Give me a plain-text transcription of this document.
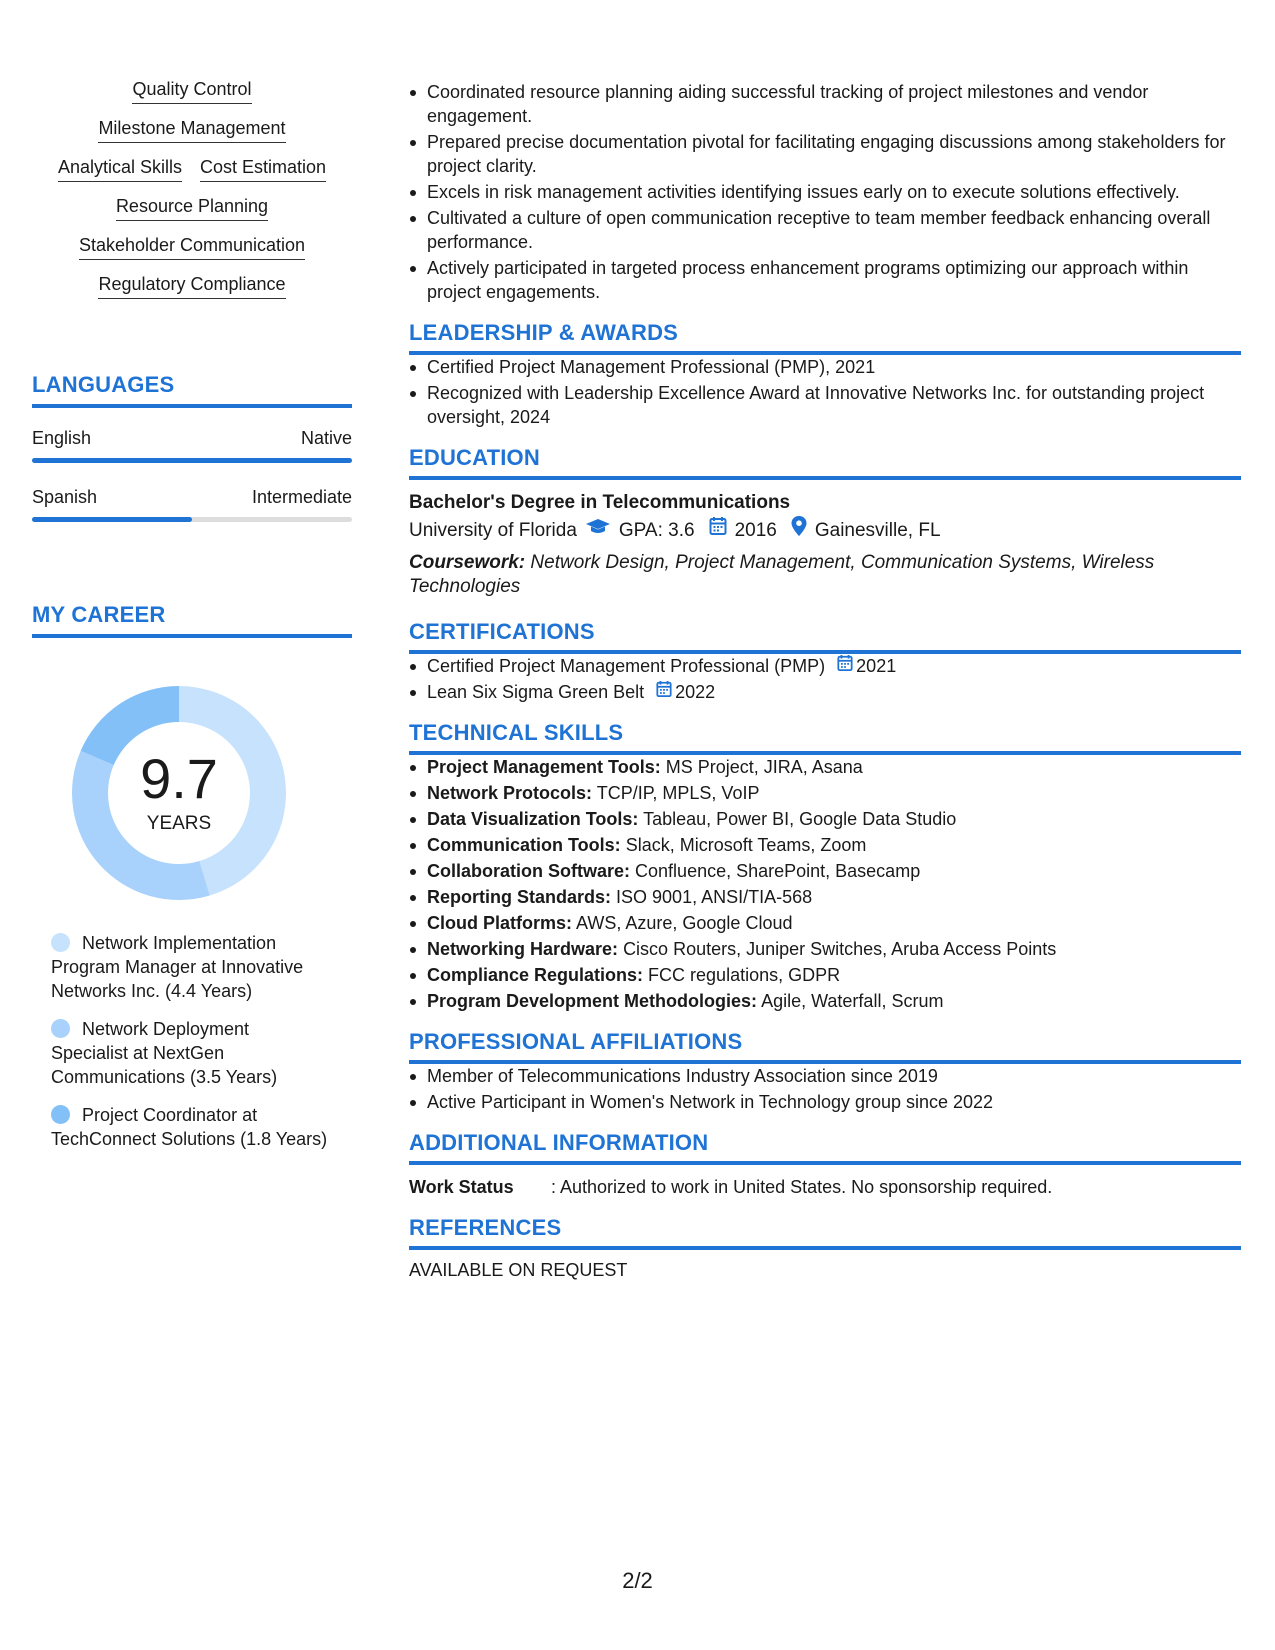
Quality Control
Milestone Management
Analytical Skills Cost Estimation
Resource Planning
Stakeholder Communication
Regulatory Compliance
LANGUAGES
English	Native
Spanish	Intermediate
MY CAREER
9.7
YEARS
Network Implementation Program Manager at Innovative Networks Inc. (4.4 Years)
Network Deployment Specialist at NextGen Communications (3.5 Years)
Project Coordinator at TechConnect Solutions (1.8 Years)
Coordinated resource planning aiding successful tracking of project milestones and vendor engagement.
Prepared precise documentation pivotal for facilitating engaging discussions among stakeholders for project clarity.
Excels in risk management activities identifying issues early on to execute solutions effectively.
Cultivated a culture of open communication receptive to team member feedback enhancing overall performance.
Actively participated in targeted process enhancement programs optimizing our approach within project engagements.
LEADERSHIP & AWARDS
Certified Project Management Professional (PMP), 2021
Recognized with Leadership Excellence Award at Innovative Networks Inc. for outstanding project oversight, 2024
EDUCATION
Bachelor's Degree in Telecommunications
University of Florida GPA: 3.6 2016 Gainesville, FL
Coursework: Network Design, Project Management, Communication Systems, Wireless Technologies
CERTIFICATIONS
Certified Project Management Professional (PMP) 2021
Lean Six Sigma Green Belt 2022
TECHNICAL SKILLS
Project Management Tools: MS Project, JIRA, Asana
Network Protocols: TCP/IP, MPLS, VoIP
Data Visualization Tools: Tableau, Power BI, Google Data Studio
Communication Tools: Slack, Microsoft Teams, Zoom
Collaboration Software: Confluence, SharePoint, Basecamp
Reporting Standards: ISO 9001, ANSI/TIA-568
Cloud Platforms: AWS, Azure, Google Cloud
Networking Hardware: Cisco Routers, Juniper Switches, Aruba Access Points
Compliance Regulations: FCC regulations, GDPR
Program Development Methodologies: Agile, Waterfall, Scrum
PROFESSIONAL AFFILIATIONS
Member of Telecommunications Industry Association since 2019
Active Participant in Women's Network in Technology group since 2022
ADDITIONAL INFORMATION
Work Status	: Authorized to work in United States. No sponsorship required.
REFERENCES
AVAILABLE ON REQUEST
2/2
